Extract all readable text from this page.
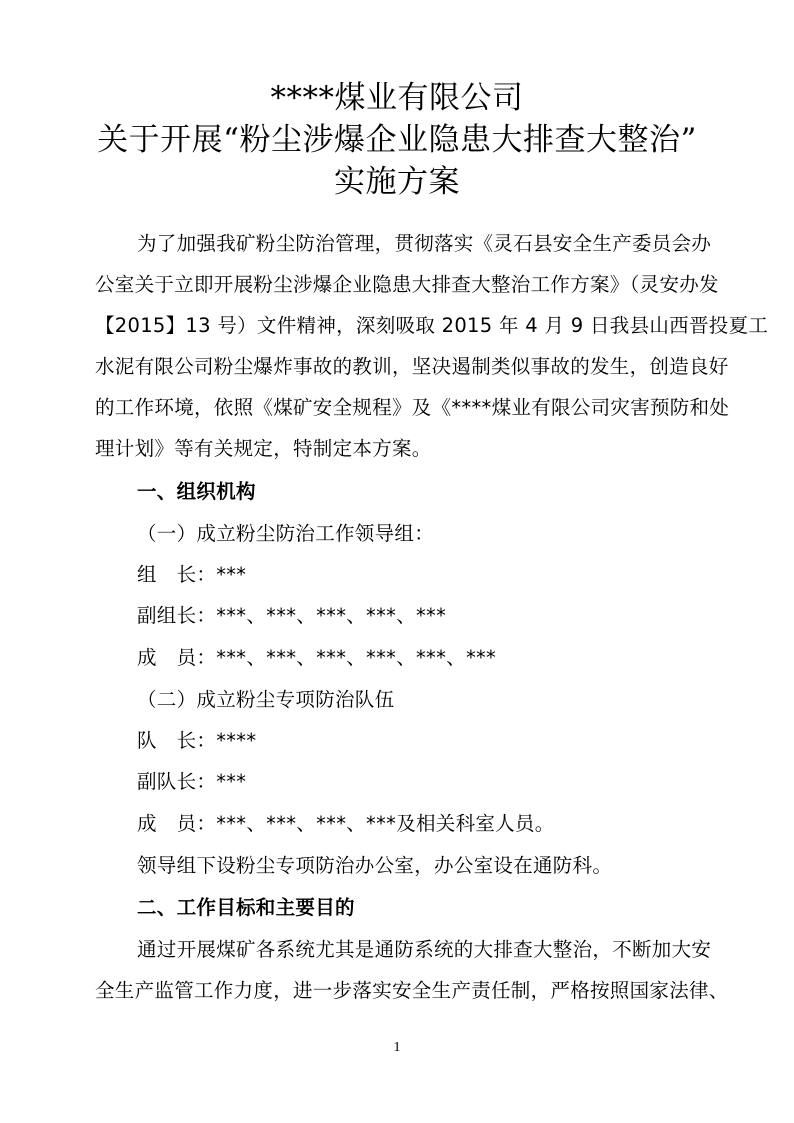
****煤业有限公司
关于开展“粉尘涉爆企业隐患大排查大整治”
实施方案
为了加强我矿粉尘防治管理，贯彻落实《灵石县安全生产委员会办
公室关于立即开展粉尘涉爆企业隐患大排查大整治工作方案》（灵安办发
【2015】13 号）文件精神，深刻吸取 2015 年 4 月 9 日我县山西晋投夏工
水泥有限公司粉尘爆炸事故的教训，坚决遏制类似事故的发生，创造良好
的工作环境，依照《煤矿安全规程》及《****煤业有限公司灾害预防和处
理计划》等有关规定，特制定本方案。
一、组织机构
（一）成立粉尘防治工作领导组：
组　长：***
副组长：***、***、***、***、***
成　员：***、***、***、***、***、***
（二）成立粉尘专项防治队伍
队　长：****
副队长：***
成　员：***、***、***、***及相关科室人员。
领导组下设粉尘专项防治办公室，办公室设在通防科。
二、工作目标和主要目的
通过开展煤矿各系统尤其是通防系统的大排查大整治，不断加大安
全生产监管工作力度，进一步落实安全生产责任制，严格按照国家法律、
1
